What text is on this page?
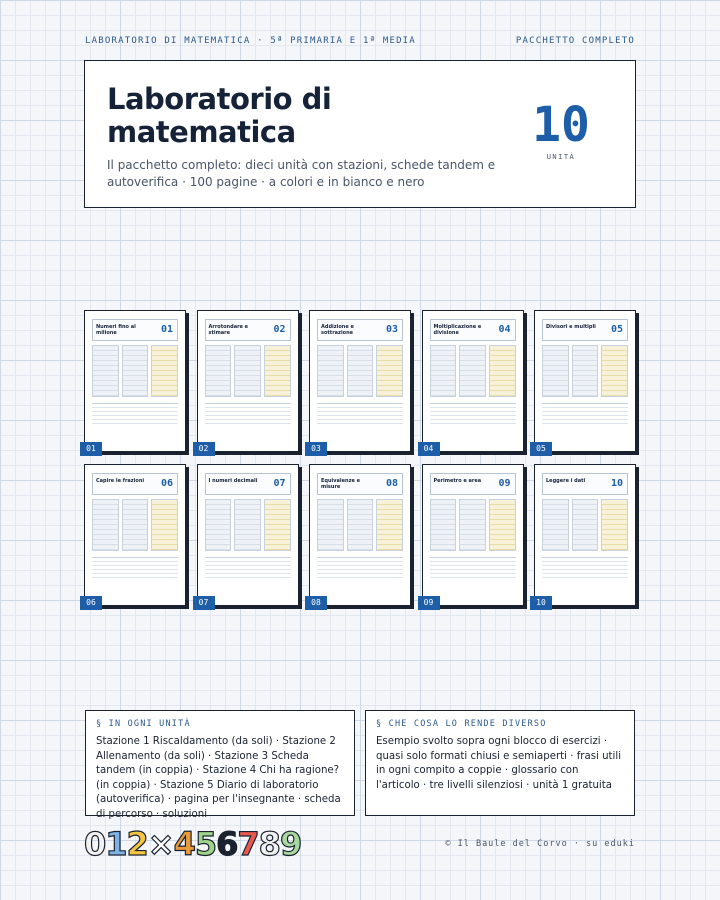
LABORATORIO DI MATEMATICA · 5ª PRIMARIA E 1ª MEDIA	PACCHETTO COMPLETO
Laboratorio di matematica

Il pacchetto completo: dieci unità con stazioni, schede tandem e autoverifica · 100 pagine · a colori e in bianco e nero

10
UNITÀ
Numeri fino al milione	01
01
Arrotondare e stimare	02
02
Addizione e sottrazione	03
03
Moltiplicazione e divisione	04
04
Divisori e multipli	05
05
Capire le frazioni	06
06
I numeri decimali	07
07
Equivalenze e misure	08
08
Perimetro e area	09
09
Leggere i dati	10
10
§ IN OGNI UNITÀ
Stazione 1 Riscaldamento (da soli) · Stazione 2 Allenamento (da soli) · Stazione 3 Scheda tandem (in coppia) · Stazione 4 Chi ha ragione? (in coppia) · Stazione 5 Diario di laboratorio (autoverifica) · pagina per l'insegnante · scheda di percorso · soluzioni
§ CHE COSA LO RENDE DIVERSO
Esempio svolto sopra ogni blocco di esercizi · quasi solo formati chiusi e semiaperti · frasi utili in ogni compito a coppie · glossario con l'articolo · tre livelli silenziosi · unità 1 gratuita
0 1 2 × 4 5 6 7 8 9	© Il Baule del Corvo · su eduki
